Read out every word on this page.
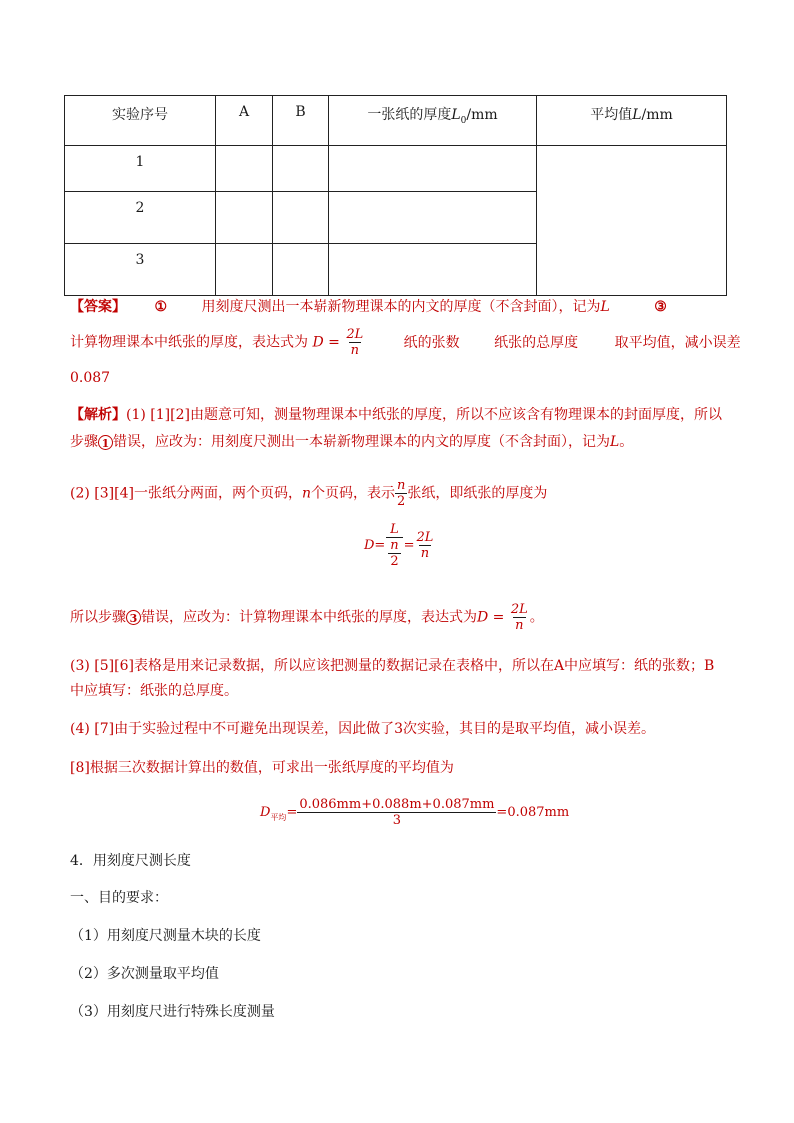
实验序号	A	B	一张纸的厚度$L_0/mm$	平均值L/mm
1				
2				
3				
【答案】 ① 用刻度尺测出一本崭新物理课本的内文的厚度（不含封面），记为L	③
计算物理课本中纸张的厚度，表达式为 $D = \frac{2L}{n}$	纸的张数 纸张的总厚度	取平均值，减小误差
0.087
【解析】(1) [1][2]由题意可知，测量物理课本中纸张的厚度，所以不应该含有物理课本的封面厚度，所以
步骤 1 错误，应改为：用刻度尺测出一本崭新物理课本的内文的厚度（不含封面），记为L。
(2) [3][4]一张纸分两面，两个页码，n个页码，表示 $\frac{n}{2}$ 张纸，即纸张的厚度为
D= L
n
$2 = \frac{2L}{n}$
所以步骤 3 错误，应改为：计算物理课本中纸张的厚度，表达式为$D = \frac{2L}{n}$ 。
(3) [5][6]表格是用来记录数据，所以应该把测量的数据记录在表格中，所以在A中应填写：纸的张数；B
中应填写：纸张的总厚度。
(4) [7]由于实验过程中不可避免出现误差，因此做了3次实验，其目的是取平均值，减小误差。
[8]根据三次数据计算出的数值，可求出一张纸厚度的平均值为
$D_{平均} = \frac{0.086mm+0.088m+0.087mm}{3} =0.087mm$
4．用刻度尺测长度
一、目的要求：
（1）用刻度尺测量木块的长度
（2）多次测量取平均值
（3）用刻度尺进行特殊长度测量
